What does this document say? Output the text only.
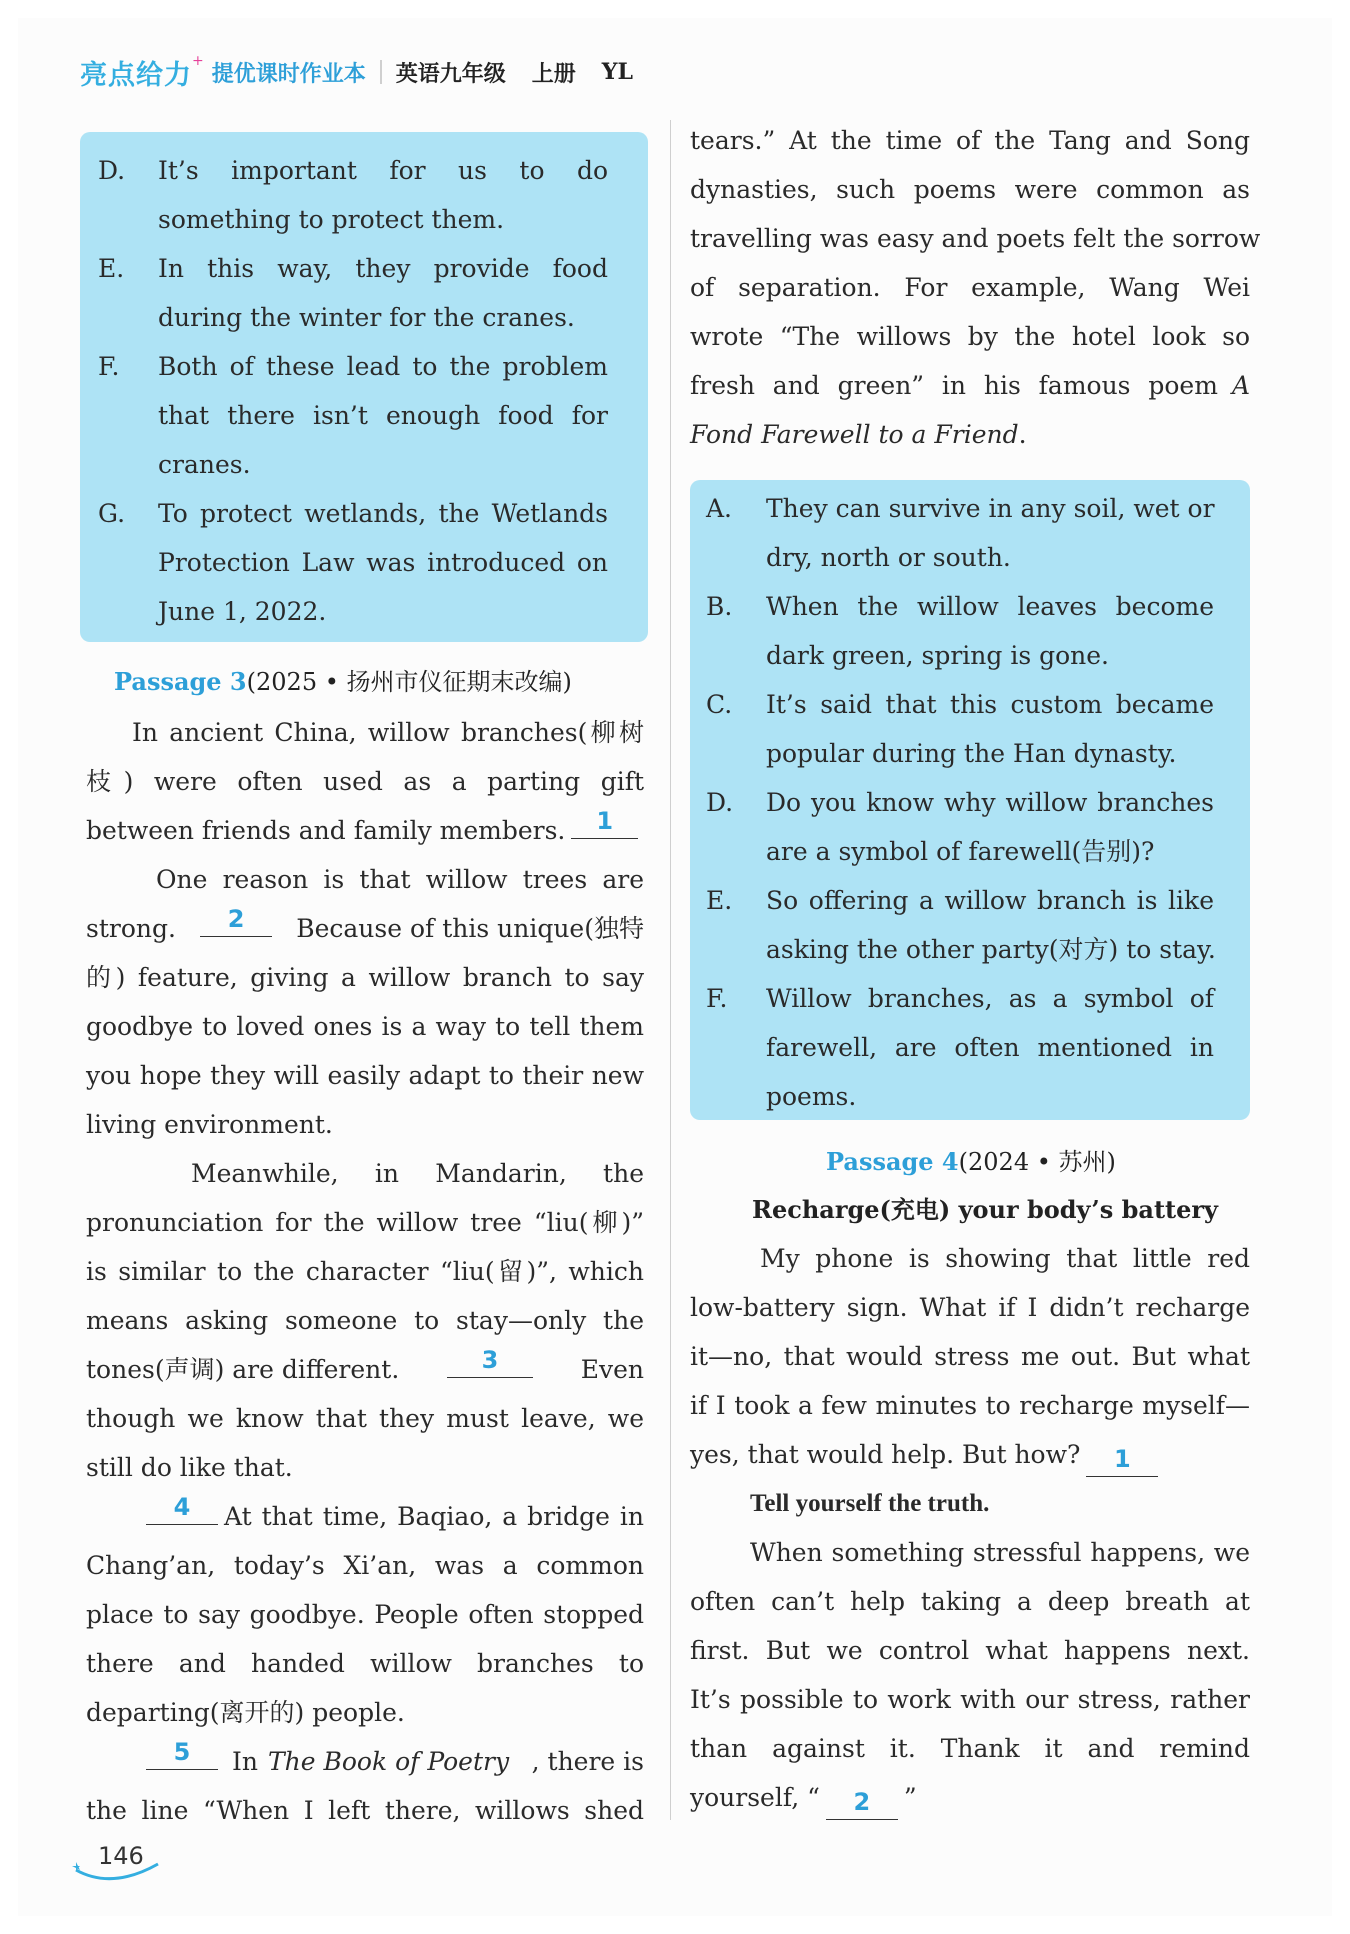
亮点给力 +
提优课时作业本 英语九年级 上册 YL
D. It’s important for us to do
something to protect them.
E. In this way, they provide food
during the winter for the cranes.
F. Both of these lead to the problem
that there isn’t enough food for
cranes.
G. To protect wetlands, the Wetlands
Protection Law was introduced on
June 1, 2022.
Passage 3(2025 • 扬州市仪征期末改编)
In ancient China, willow branches(柳树
枝) were often used as a parting gift
between friends and family members.	1
One reason is that willow trees are
strong.	2	Because of this unique(独特
的) feature, giving a willow branch to say
goodbye to loved ones is a way to tell them
you hope they will easily adapt to their new
living environment.
Meanwhile, in Mandarin, the
pronunciation for the willow tree “liu(柳)”
is similar to the character “liu(留)”, which
means asking someone to stay—only the
tones(声调) are different.	3	Even
though we know that they must leave, we
still do like that.
4	At that time, Baqiao, a bridge in
Chang’an, today’s Xi’an, was a common
place to say goodbye. People often stopped
there and handed willow branches to
departing(离开的) people.
5	In The Book of Poetry , there is
the line “When I left there, willows shed
tears.” At the time of the Tang and Song
dynasties, such poems were common as
travelling was easy and poets felt the sorrow
of separation. For example, Wang Wei
wrote “The willows by the hotel look so
fresh and green” in his famous poem A
Fond Farewell to a Friend.
A. They can survive in any soil, wet or
dry, north or south.
B. When the willow leaves become
dark green, spring is gone.
C. It’s said that this custom became
popular during the Han dynasty.
D. Do you know why willow branches
are a symbol of farewell(告别)?
E. So offering a willow branch is like
asking the other party(对方) to stay.
F. Willow branches, as a symbol of
farewell, are often mentioned in
poems.
Passage 4(2024 • 苏州)
Recharge(充电) your body’s battery
My phone is showing that little red
low-battery sign. What if I didn’t recharge
it—no, that would stress me out. But what
if I took a few minutes to recharge myself—
yes, that would help. But how? 1
Tell yourself the truth.
When something stressful happens, we
often can’t help taking a deep breath at
first. But we control what happens next.
It’s possible to work with our stress, rather
than against it. Thank it and remind
yourself, “ 2 ”
146
